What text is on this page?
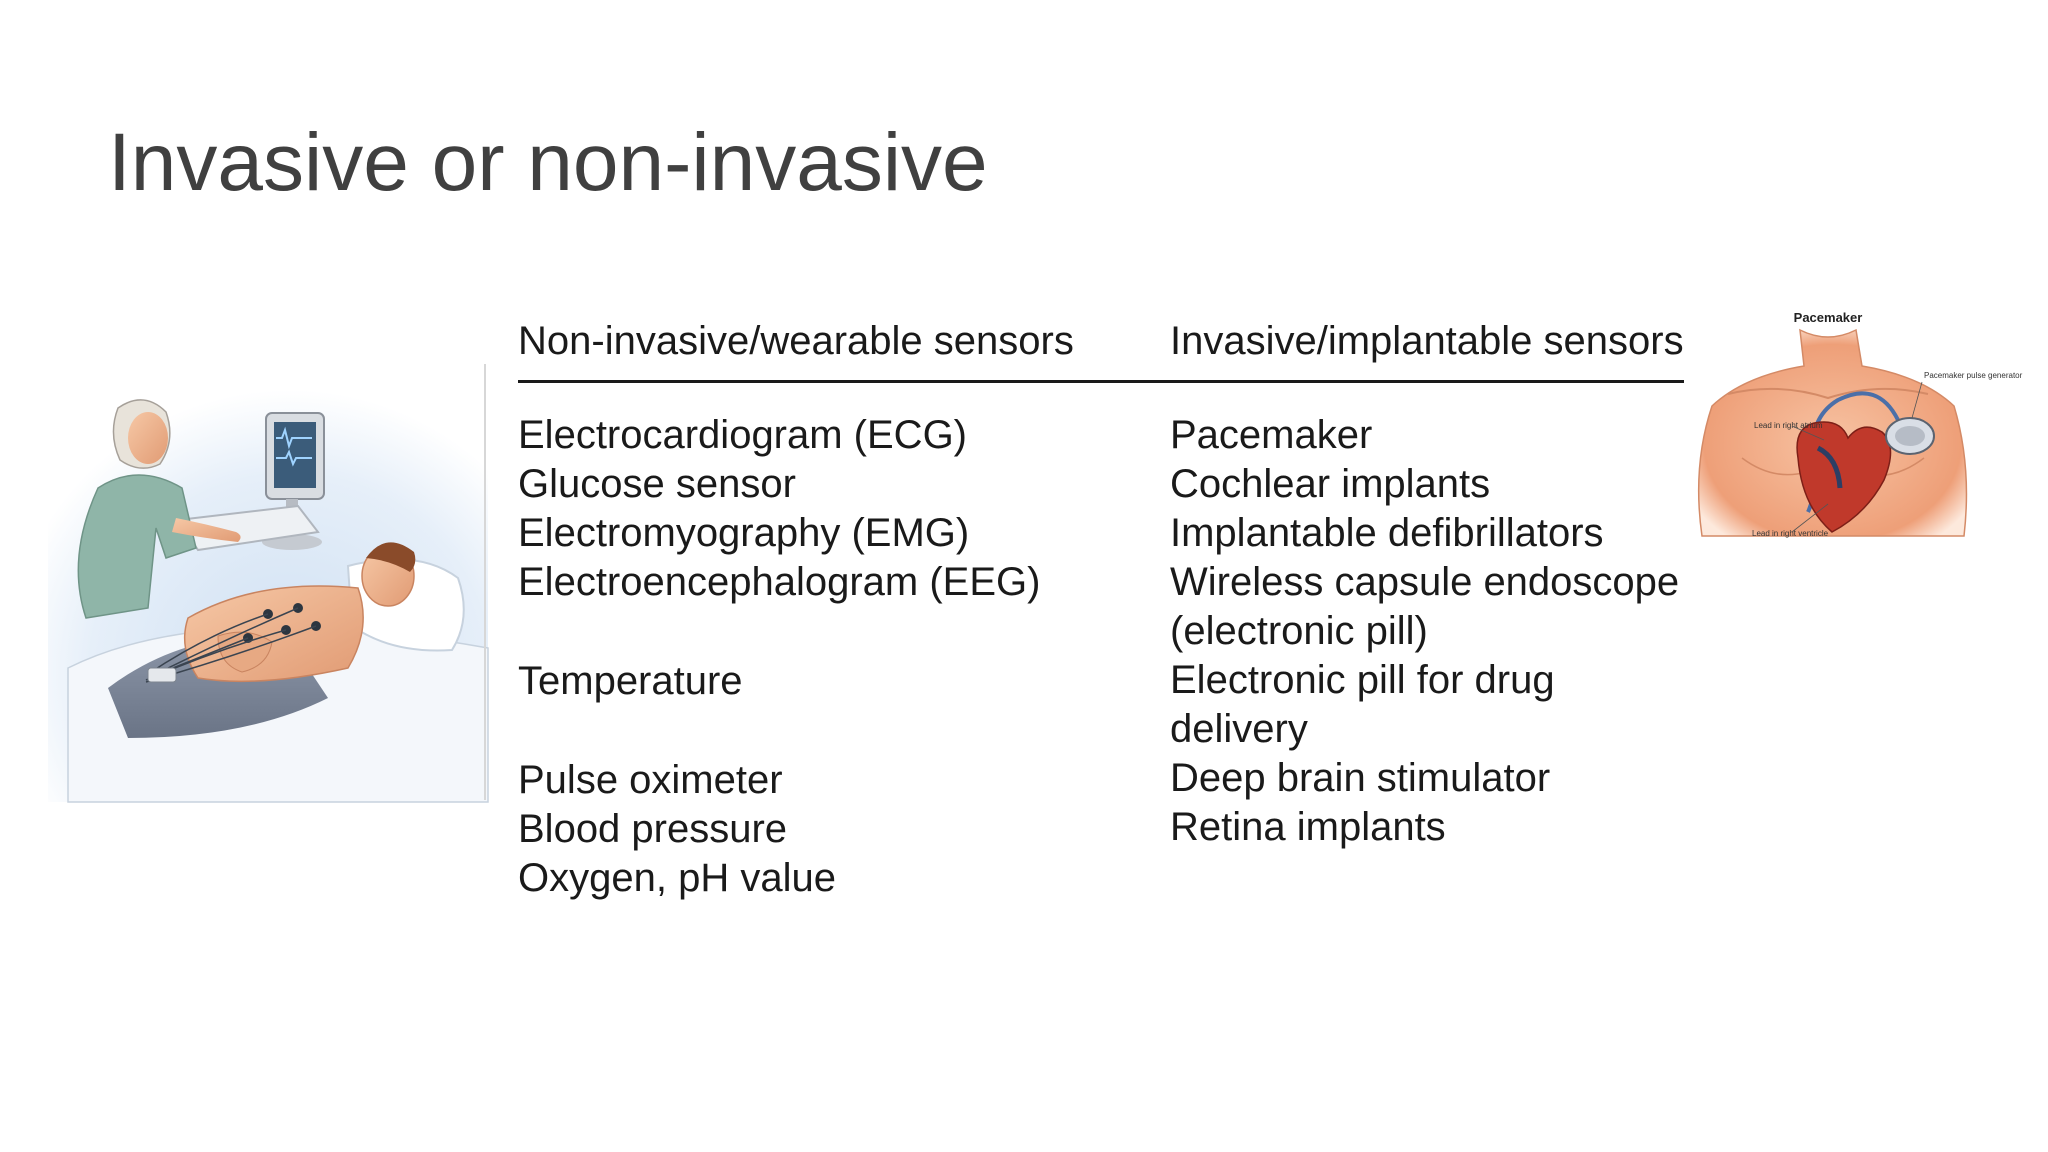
Invasive or non-invasive
Non-invasive/wearable sensors	Invasive/implantable sensors
Electrocardiogram (ECG)
Glucose sensor
Electromyography (EMG)
Electroencephalogram (EEG)
Temperature
Pulse oximeter
Blood pressure
Oxygen, pH value
Pacemaker
Cochlear implants
Implantable defibrillators
Wireless capsule endoscope
(electronic pill)
Electronic pill for drug
delivery
Deep brain stimulator
Retina implants
Pacemaker
Pacemaker pulse generator
Lead in right atrium
Lead in right ventricle
